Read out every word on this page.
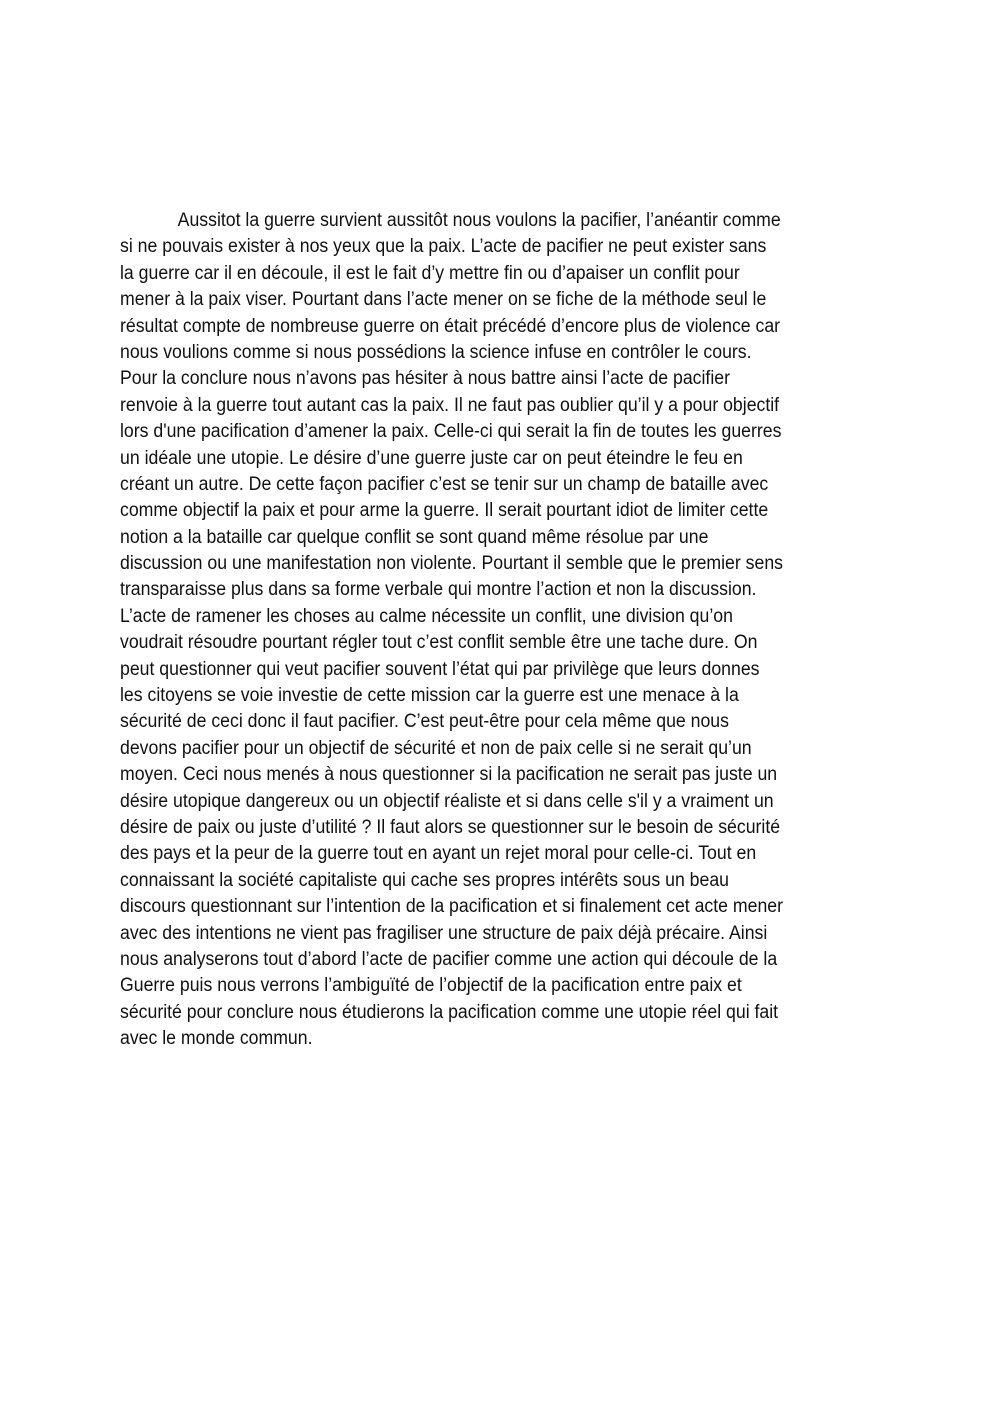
Aussitot la guerre survient aussitôt nous voulons la pacifier, l’anéantir comme
si ne pouvais exister à nos yeux que la paix. L’acte de pacifier ne peut exister sans
la guerre car il en découle, il est le fait d’y mettre fin ou d’apaiser un conflit pour
mener à la paix viser. Pourtant dans l’acte mener on se fiche de la méthode seul le
résultat compte de nombreuse guerre on était précédé d’encore plus de violence car
nous voulions comme si nous possédions la science infuse en contrôler le cours.
Pour la conclure nous n’avons pas hésiter à nous battre ainsi l’acte de pacifier
renvoie à la guerre tout autant cas la paix. Il ne faut pas oublier qu’il y a pour objectif
lors d'une pacification d’amener la paix. Celle-ci qui serait la fin de toutes les guerres
un idéale une utopie. Le désire d’une guerre juste car on peut éteindre le feu en
créant un autre. De cette façon pacifier c’est se tenir sur un champ de bataille avec
comme objectif la paix et pour arme la guerre. Il serait pourtant idiot de limiter cette
notion a la bataille car quelque conflit se sont quand même résolue par une
discussion ou une manifestation non violente. Pourtant il semble que le premier sens
transparaisse plus dans sa forme verbale qui montre l’action et non la discussion.
L’acte de ramener les choses au calme nécessite un conflit, une division qu’on
voudrait résoudre pourtant régler tout c’est conflit semble être une tache dure. On
peut questionner qui veut pacifier souvent l’état qui par privilège que leurs donnes
les citoyens se voie investie de cette mission car la guerre est une menace à la
sécurité de ceci donc il faut pacifier. C’est peut-être pour cela même que nous
devons pacifier pour un objectif de sécurité et non de paix celle si ne serait qu’un
moyen. Ceci nous menés à nous questionner si la pacification ne serait pas juste un
désire utopique dangereux ou un objectif réaliste et si dans celle s'il y a vraiment un
désire de paix ou juste d’utilité ? Il faut alors se questionner sur le besoin de sécurité
des pays et la peur de la guerre tout en ayant un rejet moral pour celle-ci. Tout en
connaissant la société capitaliste qui cache ses propres intérêts sous un beau
discours questionnant sur l’intention de la pacification et si finalement cet acte mener
avec des intentions ne vient pas fragiliser une structure de paix déjà précaire. Ainsi
nous analyserons tout d’abord l’acte de pacifier comme une action qui découle de la
Guerre puis nous verrons l’ambiguïté de l’objectif de la pacification entre paix et
sécurité pour conclure nous étudierons la pacification comme une utopie réel qui fait
avec le monde commun.
